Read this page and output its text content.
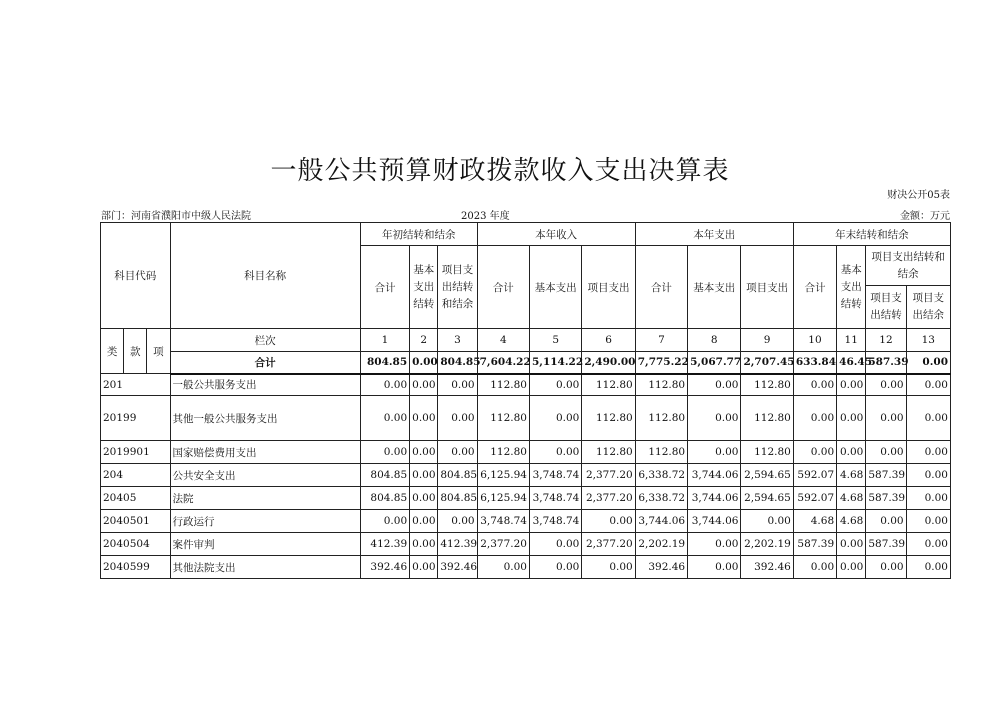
一般公共预算财政拨款收入支出决算表
财决公开05表
部门：河南省濮阳市中级人民法院	2023 年度	金额：万元
科目代码			科目名称	年初结转和结余			本年收入			本年支出			年末结转和结余			
				合计	基本支出结转	项目支出结转和结余	合计	基本支出	项目支出	合计	基本支出	项目支出	合计	基本支出结转	项目支出结转和结余	
															项目支出结转	项目支出结余
类	款	项	栏次	1	2	3	4	5	6	7	8	9	10	11	12	13
			合计	804.85	0.00	804.85	7,604.22	5,114.22	2,490.00	7,775.22	5,067.77	2,707.45	633.84	46.45	587.39	0.00
201			一般公共服务支出	0.00	0.00	0.00	112.80	0.00	112.80	112.80	0.00	112.80	0.00	0.00	0.00	0.00
20199			其他一般公共服务支出	0.00	0.00	0.00	112.80	0.00	112.80	112.80	0.00	112.80	0.00	0.00	0.00	0.00
2019901			国家赔偿费用支出	0.00	0.00	0.00	112.80	0.00	112.80	112.80	0.00	112.80	0.00	0.00	0.00	0.00
204			公共安全支出	804.85	0.00	804.85	6,125.94	3,748.74	2,377.20	6,338.72	3,744.06	2,594.65	592.07	4.68	587.39	0.00
20405			法院	804.85	0.00	804.85	6,125.94	3,748.74	2,377.20	6,338.72	3,744.06	2,594.65	592.07	4.68	587.39	0.00
2040501			行政运行	0.00	0.00	0.00	3,748.74	3,748.74	0.00	3,744.06	3,744.06	0.00	4.68	4.68	0.00	0.00
2040504			案件审判	412.39	0.00	412.39	2,377.20	0.00	2,377.20	2,202.19	0.00	2,202.19	587.39	0.00	587.39	0.00
2040599			其他法院支出	392.46	0.00	392.46	0.00	0.00	0.00	392.46	0.00	392.46	0.00	0.00	0.00	0.00
